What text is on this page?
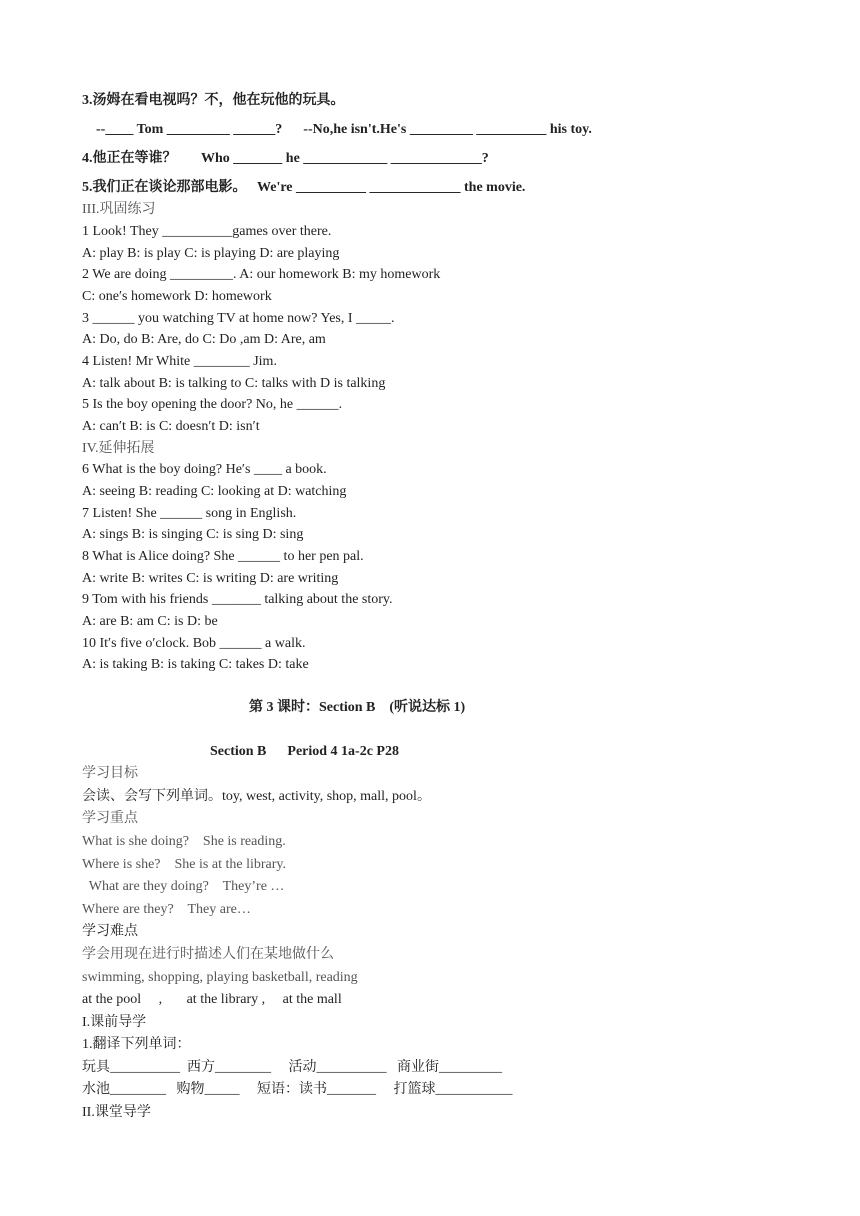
3.汤姆在看电视吗？不，他在玩他的玩具。
--____ Tom _________ ______?      --No,he isn't.He's _________ __________ his toy.
4.他正在等谁？       Who _______ he ____________ _____________?
5.我们正在谈论那部电影。   We're __________ _____________ the movie.
III.巩固练习
1 Look! They __________games over there.
A: play B: is play C: is playing D: are playing
2 We are doing _________. A: our homework B: my homework
C: one′s homework D: homework
3 ______ you watching TV at home now? Yes, I _____.
A: Do, do B: Are, do C: Do ,am D: Are, am
4 Listen! Mr White ________ Jim.
A: talk about B: is talking to C: talks with D is talking
5 Is the boy opening the door? No, he ______.
A: can′t B: is C: doesn′t D: isn′t
IV.延伸拓展
6 What is the boy doing? He′s ____ a book.
A: seeing B: reading C: looking at D: watching
7 Listen! She ______ song in English.
A: sings B: is singing C: is sing D: sing
8 What is Alice doing? She ______ to her pen pal.
A: write B: writes C: is writing D: are writing
9 Tom with his friends _______ talking about the story.
A: are B: am C: is D: be
10 It′s five o′clock. Bob ______ a walk.
A: is taking B: is taking C: takes D: take
第 3 课时：Section B    (听说达标 1)
Section B      Period 4 1a-2c P28
学习目标
会读、会写下列单词。toy, west, activity, shop, mall, pool。
学习重点
What is she doing?    She is reading.
Where is she?    She is at the library.
What are they doing?    They’re …
Where are they?    They are…
学习难点
学会用现在进行时描述人们在某地做什么
swimming, shopping, playing basketball, reading
at the pool     ,       at the library ,     at the mall
I.课前导学
1.翻译下列单词：
玩具__________  西方________     活动__________   商业街_________
水池________   购物_____     短语：读书_______     打篮球___________
II.课堂导学
